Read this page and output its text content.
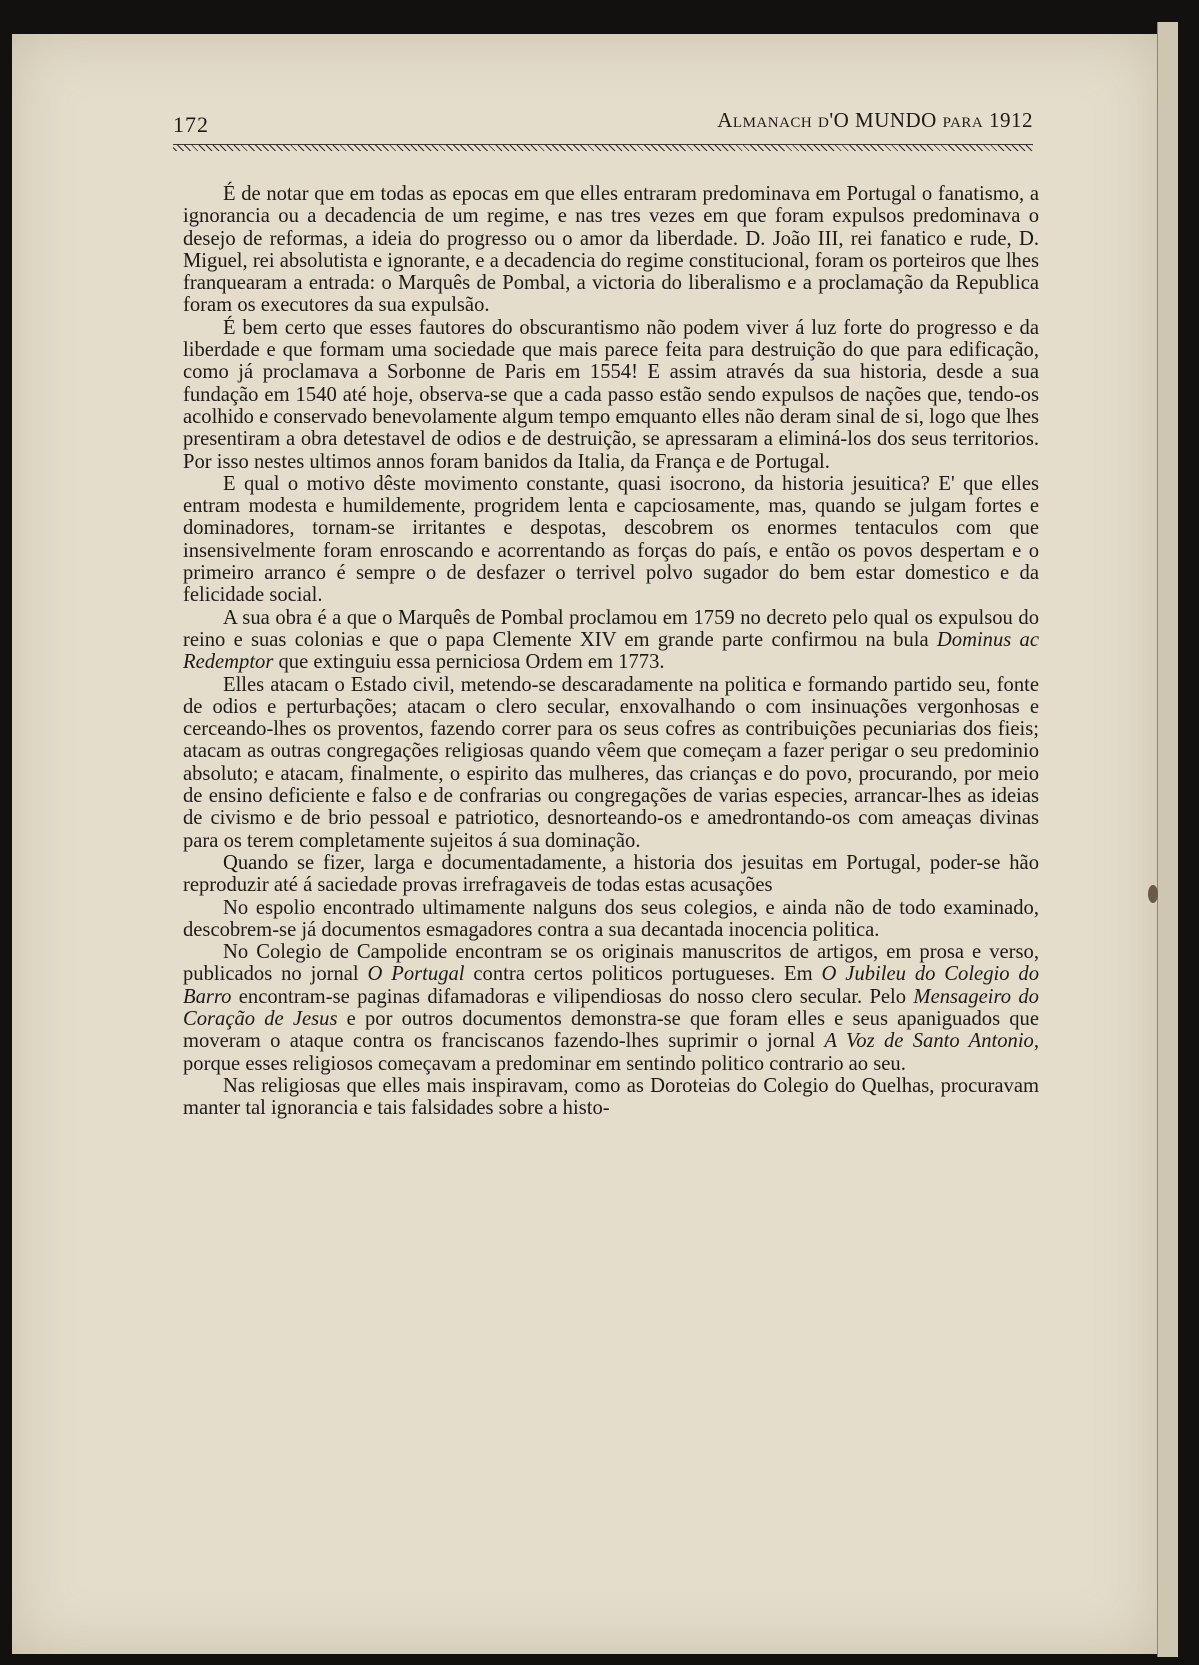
172	Almanach d'O MUNDO para 1912

É de notar que em todas as epocas em que elles entraram predominava em Portugal o fanatismo, a ignorancia ou a decadencia de um regime, e nas tres vezes em que foram expulsos predominava o desejo de reformas, a ideia do progresso ou o amor da liberdade. D. João III, rei fanatico e rude, D. Miguel, rei absolutista e ignorante, e a decadencia do regime constitucional, foram os porteiros que lhes franquearam a entrada: o Marquês de Pombal, a victoria do liberalismo e a proclamação da Republica foram os executores da sua expulsão.

É bem certo que esses fautores do obscurantismo não podem viver á luz forte do progresso e da liberdade e que formam uma sociedade que mais parece feita para destruição do que para edificação, como já proclamava a Sorbonne de Paris em 1554! E assim através da sua historia, desde a sua fundação em 1540 até hoje, observa-se que a cada passo estão sendo expulsos de nações que, tendo-os acolhido e conservado benevolamente algum tempo emquanto elles não deram sinal de si, logo que lhes presentiram a obra detestavel de odios e de destruição, se apressaram a eliminá-los dos seus territorios. Por isso nestes ultimos annos foram banidos da Italia, da França e de Portugal.

E qual o motivo dêste movimento constante, quasi isocrono, da historia jesuitica? E' que elles entram modesta e humildemente, progridem lenta e capciosamente, mas, quando se julgam fortes e dominadores, tornam-se irritantes e despotas, descobrem os enormes tentaculos com que insensivelmente foram enroscando e acorrentando as forças do país, e então os povos despertam e o primeiro arranco é sempre o de desfazer o terrivel polvo sugador do bem estar domestico e da felicidade social.

A sua obra é a que o Marquês de Pombal proclamou em 1759 no decreto pelo qual os expulsou do reino e suas colonias e que o papa Clemente XIV em grande parte confirmou na bula Dominus ac Redemptor que extinguiu essa perniciosa Ordem em 1773.

Elles atacam o Estado civil, metendo-se descaradamente na politica e formando partido seu, fonte de odios e perturbações; atacam o clero secular, enxovalhando o com insinuações vergonhosas e cerceando-lhes os proventos, fazendo correr para os seus cofres as contribuições pecuniarias dos fieis; atacam as outras congregações religiosas quando vêem que começam a fazer perigar o seu predominio absoluto; e atacam, finalmente, o espirito das mulheres, das crianças e do povo, procurando, por meio de ensino deficiente e falso e de confrarias ou congregações de varias especies, arrancar-lhes as ideias de civismo e de brio pessoal e patriotico, desnorteando-os e amedrontando-os com ameaças divinas para os terem completamente sujeitos á sua dominação.

Quando se fizer, larga e documentadamente, a historia dos jesuitas em Portugal, poder-se hão reproduzir até á saciedade provas irrefragaveis de todas estas acusações

No espolio encontrado ultimamente nalguns dos seus colegios, e ainda não de todo examinado, descobrem-se já documentos esmagadores contra a sua decantada inocencia politica.

No Colegio de Campolide encontram se os originais manuscritos de artigos, em prosa e verso, publicados no jornal O Portugal contra certos politicos portugueses. Em O Jubileu do Colegio do Barro encontram-se paginas difamadoras e vilipendiosas do nosso clero secular. Pelo Mensageiro do Coração de Jesus e por outros documentos demonstra-se que foram elles e seus apaniguados que moveram o ataque contra os franciscanos fazendo-lhes suprimir o jornal A Voz de Santo Antonio, porque esses religiosos começavam a predominar em sentindo politico contrario ao seu.

Nas religiosas que elles mais inspiravam, como as Doroteias do Colegio do Quelhas, procuravam manter tal ignorancia e tais falsidades sobre a histo-
